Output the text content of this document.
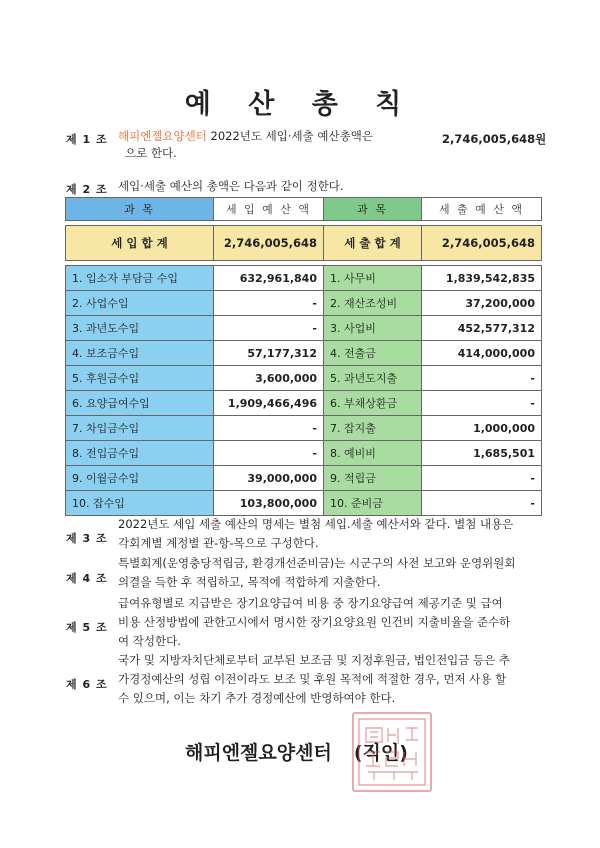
예 산 총 칙
제 1 조 해피엔젤요양센터 2022년도 세입·세출 예산총액은
으로 한다.
2,746,005,648원
제 2 조 세입·세출 예산의 총액은 다음과 같이 정한다.
과 목	세 입 예 산 액	과 목	세 출 예 산 액

세 입 합 계	2,746,005,648	세 출 합 계	2,746,005,648

1. 입소자 부담금 수입	632,961,840	1. 사무비	1,839,542,835
2. 사업수입	-	2. 재산조성비	37,200,000
3. 과년도수입	-	3. 사업비	452,577,312
4. 보조금수입	57,177,312	4. 전출금	414,000,000
5. 후원금수입	3,600,000	5. 과년도지출	-
6. 요양급여수입	1,909,466,496	6. 부채상환금	-
7. 차입금수입	-	7. 잡지출	1,000,000
8. 전입금수입	-	8. 예비비	1,685,501
9. 이월금수입	39,000,000	9. 적립금	-
10. 잡수입	103,800,000	10. 준비금	-
제 3 조
2022년도 세입 세출 예산의 명세는 별첨 세입.세출 예산서와 같다. 별첨 내용은
각회계별 계정별 관-항-목으로 구성한다.
제 4 조
특별회계(운영충당적립금, 환경개선준비금)는 시군구의 사전 보고와 운영위원회
의결을 득한 후 적립하고, 목적에 적합하게 지출한다.
제 5 조
급여유형별로 지급받은 장기요양급여 비용 중 장기요양급여 제공기준 및 급여
비용 산정방법에 관한고시에서 명시한 장기요양요원 인건비 지출비율을 준수하
여 작성한다.
제 6 조
국가 및 지방자치단체로부터 교부된 보조금 및 지정후원금, 법인전입금 등은 추
가경정예산의 성립 이전이라도 보조 및 후원 목적에 적절한 경우, 먼저 사용 할
수 있으며, 이는 차기 추가 경정예산에 반영하여야 한다.
해피엔젤요양센터 (직인)
